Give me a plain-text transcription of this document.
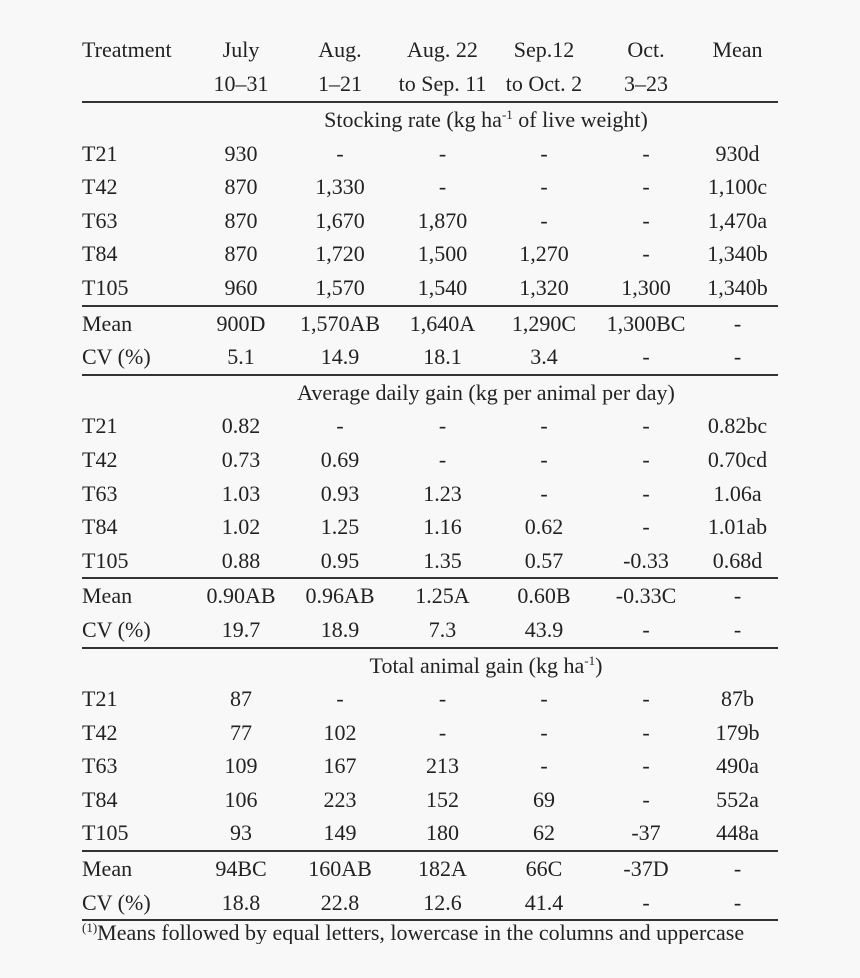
Treatment	July	Aug.	Aug. 22	Sep.12	Oct.	Mean
	10–31	1–21	to Sep. 11	to Oct. 2	3–23	
Stocking rate (kg $ha^{-1}$ of live weight)						
T21	930	-	-	-	-	930d
T42	870	1,330	-	-	-	1,100c
T63	870	1,670	1,870	-	-	1,470a
T84	870	1,720	1,500	1,270	-	1,340b
T105	960	1,570	1,540	1,320	1,300	1,340b
Mean	900D	1,570AB	1,640A	1,290C	1,300BC	-
CV (%)	5.1	14.9	18.1	3.4	-	-
Average daily gain (kg per animal per day)						
T21	0.82	-	-	-	-	0.82bc
T42	0.73	0.69	-	-	-	0.70cd
T63	1.03	0.93	1.23	-	-	1.06a
T84	1.02	1.25	1.16	0.62	-	1.01ab
T105	0.88	0.95	1.35	0.57	-0.33	0.68d
Mean	0.90AB	0.96AB	1.25A	0.60B	-0.33C	-
CV (%)	19.7	18.9	7.3	43.9	-	-
Total animal gain (kg $ha^{-1}$)						
T21	87	-	-	-	-	87b
T42	77	102	-	-	-	179b
T63	109	167	213	-	-	490a
T84	106	223	152	69	-	552a
T105	93	149	180	62	-37	448a
Mean	94BC	160AB	182A	66C	-37D	-
CV (%)	18.8	22.8	12.6	41.4	-	-
$^{(1)}$Means followed by equal letters, lowercase in the columns and uppercase
